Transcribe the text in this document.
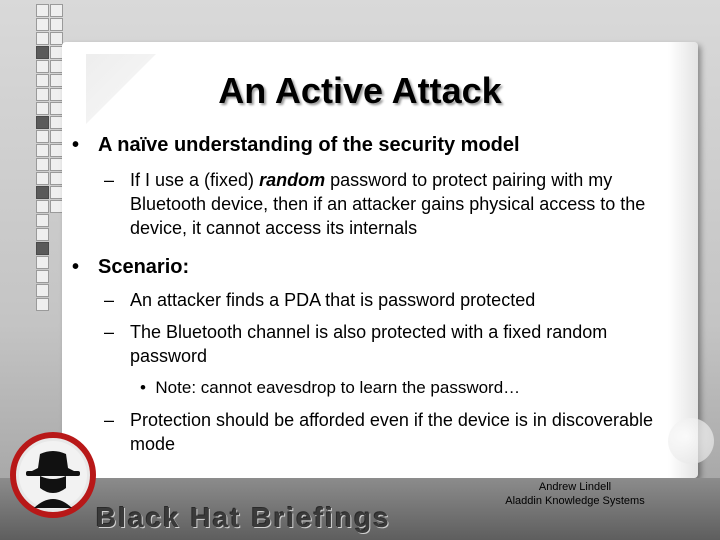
An Active Attack
• A naïve understanding of the security model
– If I use a (fixed) random password to protect pairing with my Bluetooth device, then if an attacker gains physical access to the device, it cannot access its internals
• Scenario:
– An attacker finds a PDA that is password protected
– The Bluetooth channel is also protected with a fixed random password
• Note: cannot eavesdrop to learn the password…
– Protection should be afforded even if the device is in discoverable mode
Black Hat Briefings
Andrew Lindell
Aladdin Knowledge Systems
